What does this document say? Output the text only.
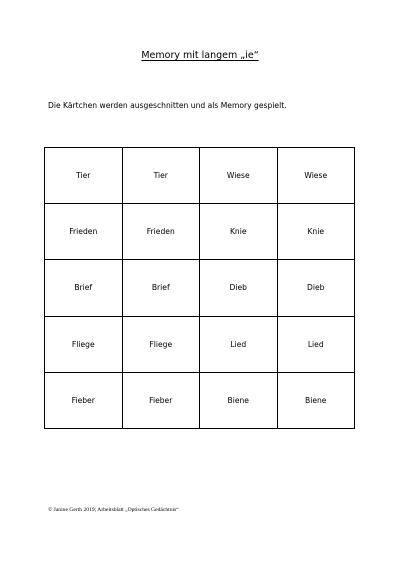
Memory mit langem „ie“
Die Kärtchen werden ausgeschnitten und als Memory gespielt.
Tier	Tier	Wiese	Wiese
Frieden	Frieden	Knie	Knie
Brief	Brief	Dieb	Dieb
Fliege	Fliege	Lied	Lied
Fieber	Fieber	Biene	Biene
© Janine Gerth 2019; Arbeitsblatt „Optisches Gedächtnis“
